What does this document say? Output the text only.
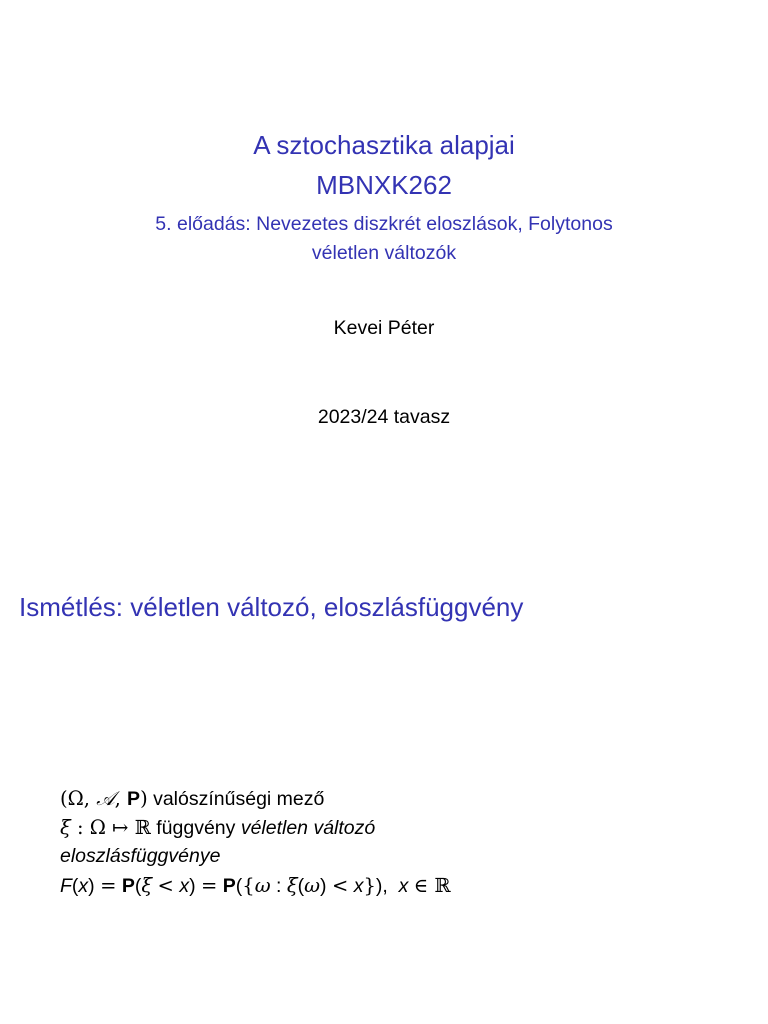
A sztochasztika alapjai
MBNXK262
5. előadás: Nevezetes diszkrét eloszlások, Folytonos
véletlen változók
Kevei Péter
2023/24 tavasz
Ismétlés: véletlen változó, eloszlásfüggvény
(Ω, 𝒜, P) valószínűségi mező
ξ : Ω ↦ ℝ függvény véletlen változó
eloszlásfüggvénye
F(x) = P(ξ < x) = P({ω : ξ(ω) < x}),  x ∈ ℝ
